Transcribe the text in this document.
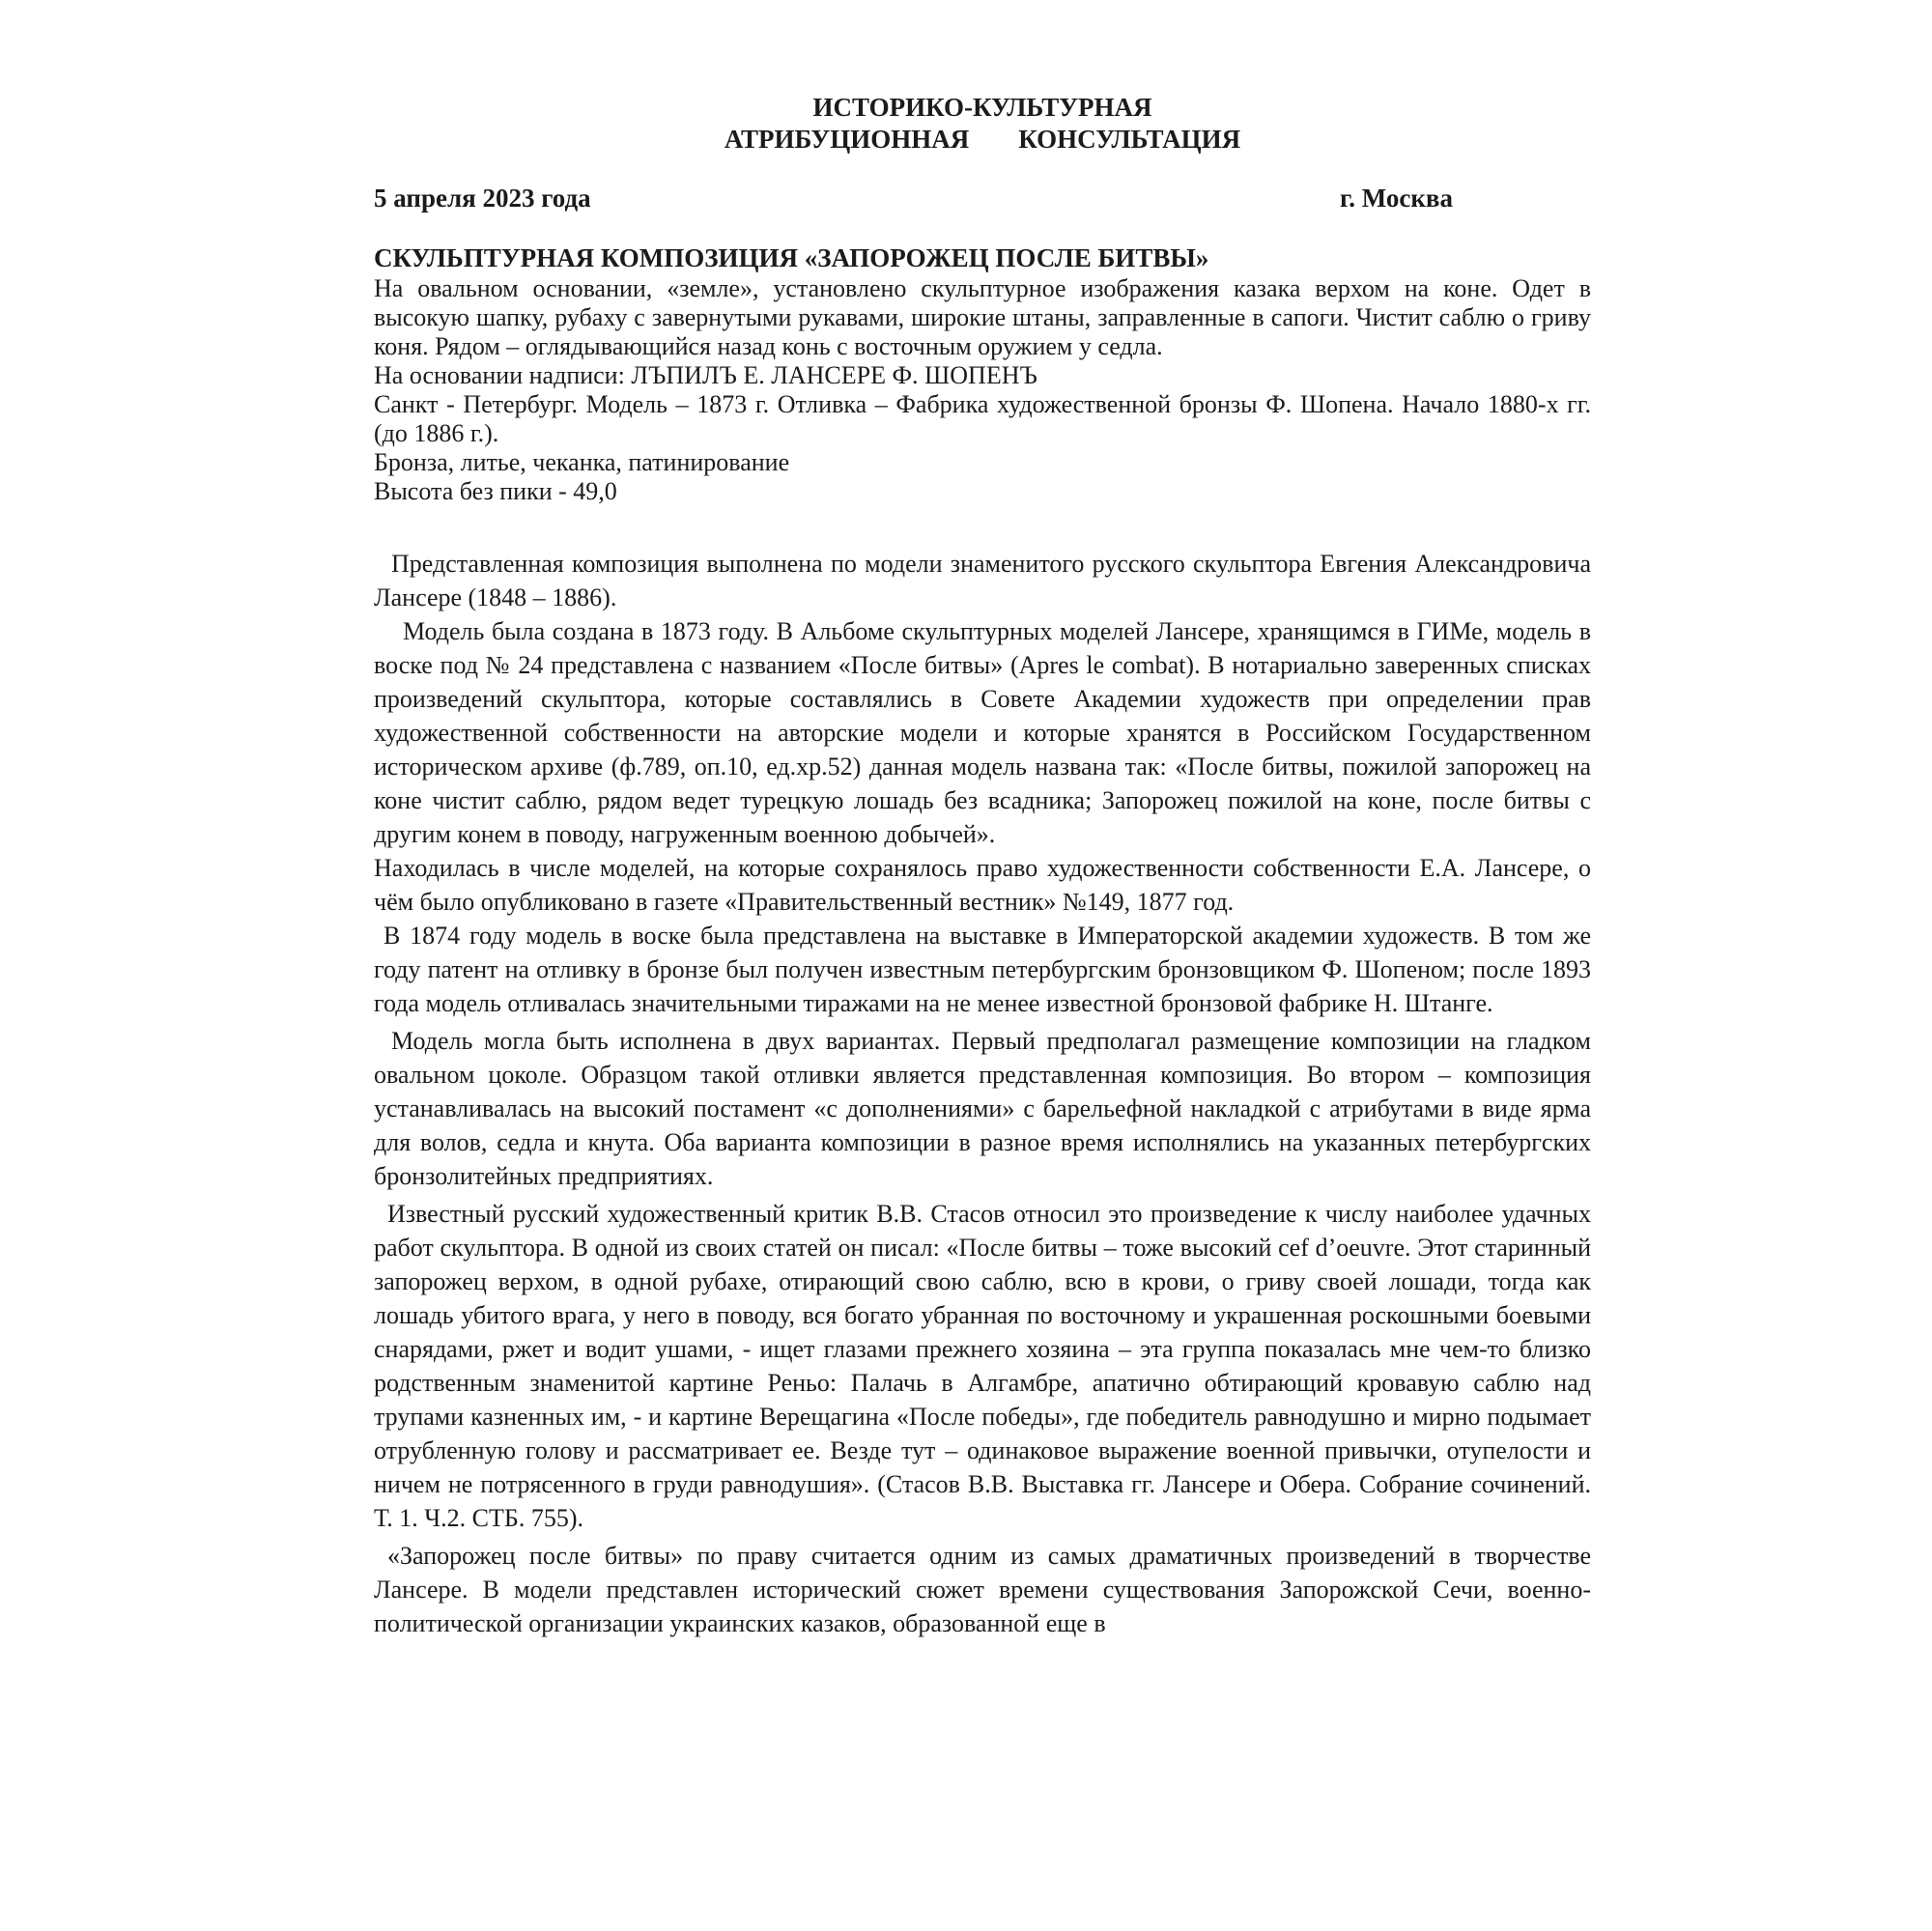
ИСТОРИКО-КУЛЬТУРНАЯ
АТРИБУЦИОННАЯ    КОНСУЛЬТАЦИЯ
5 апреля 2023 года	г. Москва
СКУЛЬПТУРНАЯ КОМПОЗИЦИЯ «ЗАПОРОЖЕЦ ПОСЛЕ БИТВЫ»

На овальном основании, «земле», установлено скульптурное изображения казака верхом на коне. Одет в высокую шапку, рубаху с завернутыми рукавами, широкие штаны, заправленные в сапоги. Чистит саблю о гриву коня. Рядом – оглядывающийся назад конь с восточным оружием у седла.

На основании надписи: ЛЪПИЛЪ Е. ЛАНСЕРЕ Ф. ШОПЕНЪ

Санкт - Петербург. Модель – 1873 г. Отливка – Фабрика художественной бронзы Ф. Шопена. Начало 1880-х гг. (до 1886 г.).

Бронза, литье, чеканка, патинирование
Высота без пики - 49,0

Представленная композиция выполнена по модели знаменитого русского скульптора Евгения Александровича Лансере (1848 – 1886).

Модель была создана в 1873 году. В Альбоме скульптурных моделей Лансере, хранящимся в ГИМе, модель в воске под № 24 представлена с названием «После битвы» (Apres le combat). В нотариально заверенных списках произведений скульптора, которые составлялись в Совете Академии художеств при определении прав художественной собственности на авторские модели и которые хранятся в Российском Государственном историческом архиве (ф.789, оп.10, ед.хр.52) данная модель названа так: «После битвы, пожилой запорожец на коне чистит саблю, рядом ведет турецкую лошадь без всадника; Запорожец пожилой на коне, после битвы с другим конем в поводу, нагруженным военною добычей».

Находилась в числе моделей, на которые сохранялось право художественности собственности Е.А. Лансере, о чём было опубликовано в газете «Правительственный вестник» №149, 1877 год.

В 1874 году модель в воске была представлена на выставке в Императорской академии художеств. В том же году патент на отливку в бронзе был получен известным петербургским бронзовщиком Ф. Шопеном; после 1893 года модель отливалась значительными тиражами на не менее известной бронзовой фабрике Н. Штанге.

Модель могла быть исполнена в двух вариантах. Первый предполагал размещение композиции на гладком овальном цоколе. Образцом такой отливки является представленная композиция. Во втором – композиция устанавливалась на высокий постамент «с дополнениями» с барельефной накладкой с атрибутами в виде ярма для волов, седла и кнута. Оба варианта композиции в разное время исполнялись на указанных петербургских бронзолитейных предприятиях.

Известный русский художественный критик В.В. Стасов относил это произведение к числу наиболее удачных работ скульптора. В одной из своих статей он писал: «После битвы – тоже высокий cef d’oeuvre. Этот старинный запорожец верхом, в одной рубахе, отирающий свою саблю, всю в крови, о гриву своей лошади, тогда как лошадь убитого врага, у него в поводу, вся богато убранная по восточному и украшенная роскошными боевыми снарядами, ржет и водит ушами, - ищет глазами прежнего хозяина – эта группа показалась мне чем-то близко родственным знаменитой картине Реньо: Палачь в Алгамбре, апатично обтирающий кровавую саблю над трупами казненных им, - и картине Верещагина «После победы», где победитель равнодушно и мирно подымает отрубленную голову и рассматривает ее. Везде тут – одинаковое выражение военной привычки, отупелости и ничем не потрясенного в груди равнодушия». (Стасов В.В. Выставка гг. Лансере и Обера. Собрание сочинений. Т. 1. Ч.2. СТБ. 755).

«Запорожец после битвы» по праву считается одним из самых драматичных произведений в творчестве Лансере. В модели представлен исторический сюжет времени существования Запорожской Сечи, военно-политической организации украинских казаков, образованной еще в
